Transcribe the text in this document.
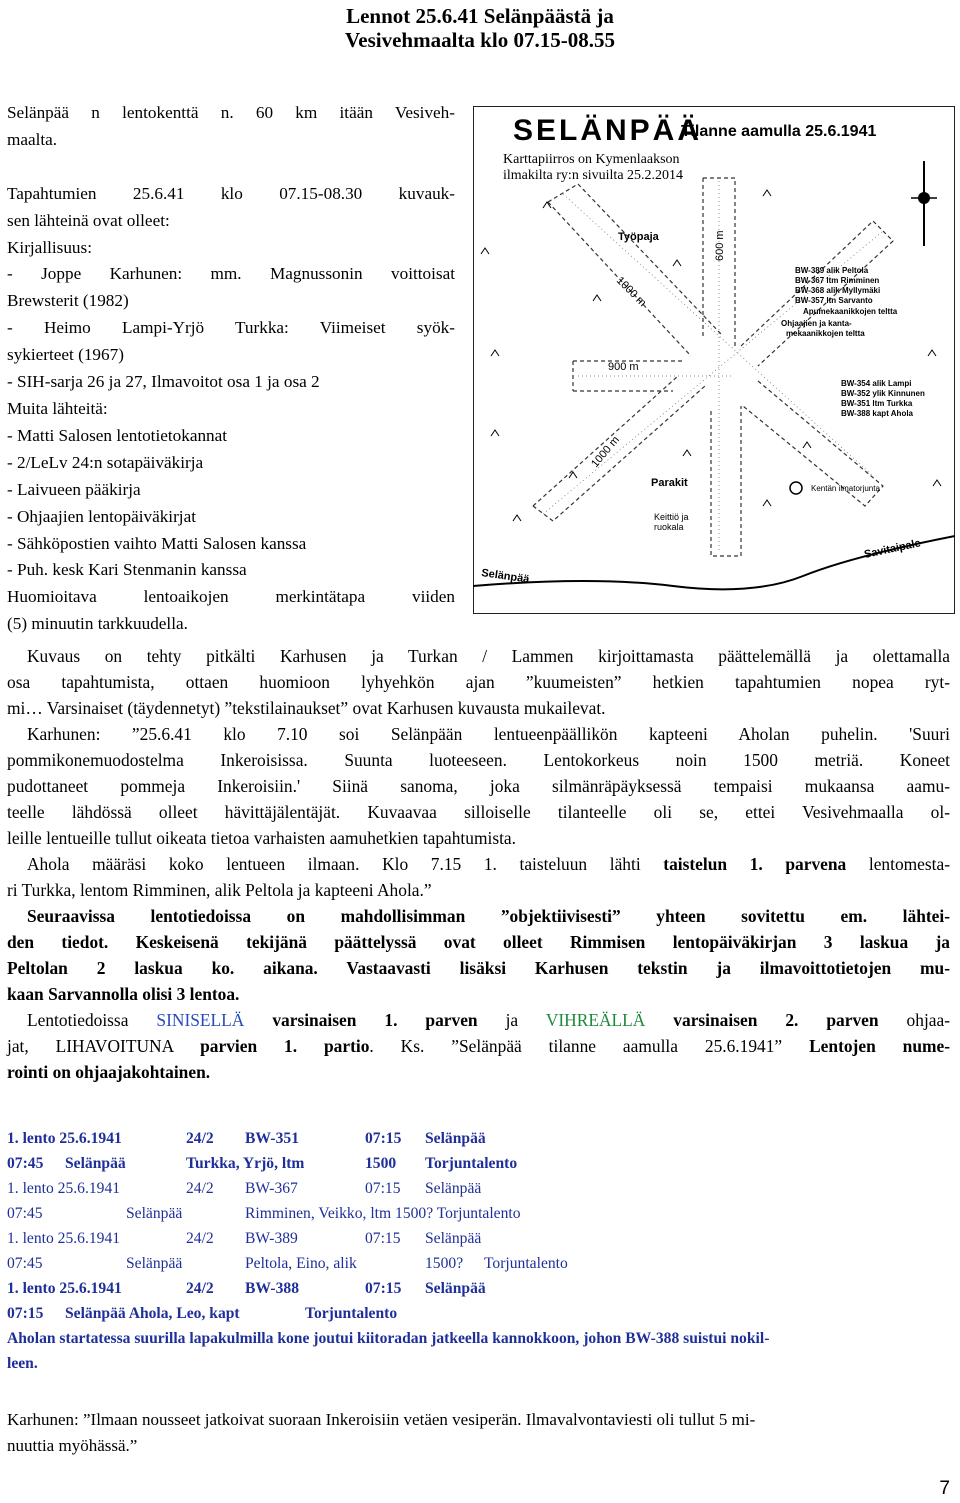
Lennot 25.6.41 Selänpäästä ja
Vesivehmaalta klo 07.15-08.55
Selänpää n lentokenttä n. 60 km itään Vesiveh-
maalta.

Tapahtumien 25.6.41 klo 07.15-08.30 kuvauk-
sen lähteinä ovat olleet:
Kirjallisuus:
- Joppe Karhunen: mm. Magnussonin voittoisat
Brewsterit (1982)
- Heimo Lampi-Yrjö Turkka: Viimeiset syök-
sykierteet (1967)
- SIH-sarja 26 ja 27, Ilmavoitot osa 1 ja osa 2
Muita lähteitä:
- Matti Salosen lentotietokannat
- 2/LeLv 24:n sotapäiväkirja
- Laivueen pääkirja
- Ohjaajien lentopäiväkirjat
- Sähköpostien vaihto Matti Salosen kanssa
- Puh. kesk Kari Stenmanin kanssa
Huomioitava lentoaikojen merkintätapa viiden
(5) minuutin tarkkuudella.
SELÄNPÄÄ
Tilanne aamulla 25.6.1941
Työpaja	600 m
1000 m
900 m
1000 m
Parakit
Keittiö ja
ruokala
Kentän ilmatorjunta
Savitaipale
Selänpää
BW-389 alik Peltola
BW-367 ltm Rimminen
BW-368 alik Myllymäki
BW-357 ltn Sarvanto
Apumekaanikkojen teltta
Ohjaajien ja kanta-
mekaanikkojen teltta
BW-354 alik Lampi
BW-352 ylik Kinnunen
BW-351 ltm Turkka
BW-388 kapt Ahola
Karttapiirros on Kymenlaakson
ilmakilta ry:n sivuilta 25.2.2014
Kuvaus on tehty pitkälti Karhusen ja Turkan / Lammen kirjoittamasta päättelemällä ja olettamalla
osa tapahtumista, ottaen huomioon lyhyehkön ajan ”kuumeisten” hetkien tapahtumien nopea ryt-
mi… Varsinaiset (täydennetyt) ”tekstilainaukset” ovat Karhusen kuvausta mukailevat.
Karhunen: ”25.6.41 klo 7.10 soi Selänpään lentueenpäällikön kapteeni Aholan puhelin. 'Suuri
pommikonemuodostelma Inkeroisissa. Suunta luoteeseen. Lentokorkeus noin 1500 metriä. Koneet
pudottaneet pommeja Inkeroisiin.' Siinä sanoma, joka silmänräpäyksessä tempaisi mukaansa aamu-
teelle lähdössä olleet hävittäjälentäjät. Kuvaavaa silloiselle tilanteelle oli se, ettei Vesivehmaalla ol-
leille lentueille tullut oikeata tietoa varhaisten aamuhetkien tapahtumista.
Ahola määräsi koko lentueen ilmaan. Klo 7.15 1. taisteluun lähti taistelun 1. parvena lentomesta-
ri Turkka, lentom Rimminen, alik Peltola ja kapteeni Ahola.”
Seuraavissa lentotiedoissa on mahdollisimman ”objektiivisesti” yhteen sovitettu em. lähtei-
den tiedot. Keskeisenä tekijänä päättelyssä ovat olleet Rimmisen lentopäiväkirjan 3 laskua ja
Peltolan 2 laskua ko. aikana. Vastaavasti lisäksi Karhusen tekstin ja ilmavoittotietojen mu-
kaan Sarvannolla olisi 3 lentoa.
Lentotiedoissa SINISELLÄ varsinaisen 1. parven ja VIHREÄLLÄ varsinaisen 2. parven ohjaa-
jat, LIHAVOITUNA parvien 1. partio. Ks. ”Selänpää tilanne aamulla 25.6.1941” Lentojen nume-
rointi on ohjaajakohtainen.
1. lento 25.6.1941	24/2 BW-351	07:15 Selänpää
07:45 Selänpää	Turkka, Yrjö, ltm	1500 Torjuntalento
1. lento 25.6.1941	24/2 BW-367	07:15 Selänpää
07:45	Selänpää	Rimminen, Veikko, ltm 1500? Torjuntalento
1. lento 25.6.1941	24/2 BW-389	07:15 Selänpää
07:45	Selänpää	Peltola, Eino, alik	1500? Torjuntalento
1. lento 25.6.1941	24/2 BW-388	07:15 Selänpää
07:15 Selänpää Ahola, Leo, kapt	Torjuntalento
Aholan startatessa suurilla lapakulmilla kone joutui kiitoradan jatkeella kannokkoon, johon BW-388 suistui nokil-
leen.
Karhunen: ”Ilmaan nousseet jatkoivat suoraan Inkeroisiin vetäen vesiperän. Ilmavalvontaviesti oli tullut 5 mi-
nuuttia myöhässä.”
7
